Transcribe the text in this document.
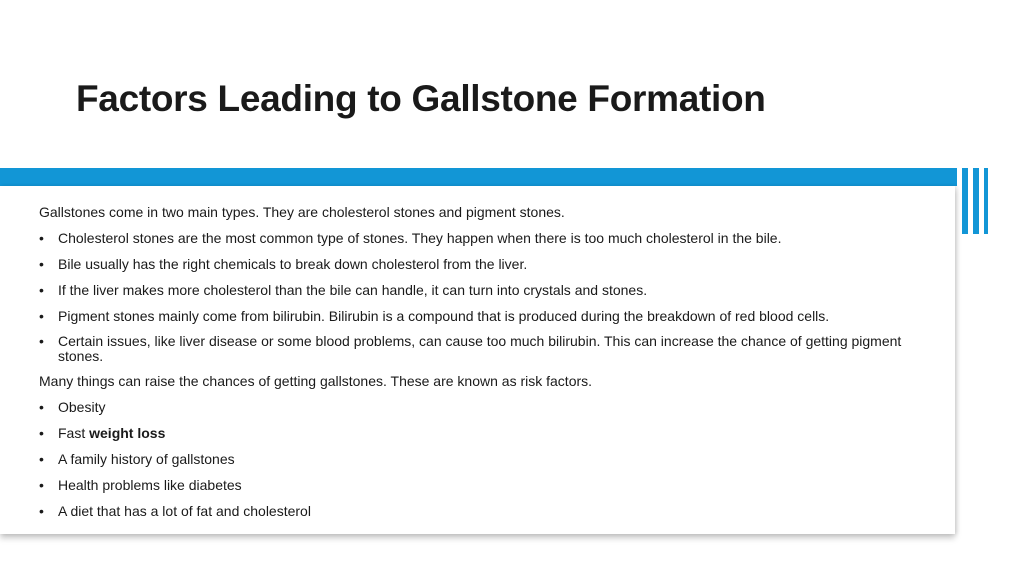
Factors Leading to Gallstone Formation

Gallstones come in two main types. They are cholesterol stones and pigment stones.

• Cholesterol stones are the most common type of stones. They happen when there is too much cholesterol in the bile.
• Bile usually has the right chemicals to break down cholesterol from the liver.
• If the liver makes more cholesterol than the bile can handle, it can turn into crystals and stones.
• Pigment stones mainly come from bilirubin. Bilirubin is a compound that is produced during the breakdown of red blood cells.
• Certain issues, like liver disease or some blood problems, can cause too much bilirubin. This can increase the chance of getting pigment stones.

Many things can raise the chances of getting gallstones. These are known as risk factors.

• Obesity
• Fast weight loss
• A family history of gallstones
• Health problems like diabetes
• A diet that has a lot of fat and cholesterol
